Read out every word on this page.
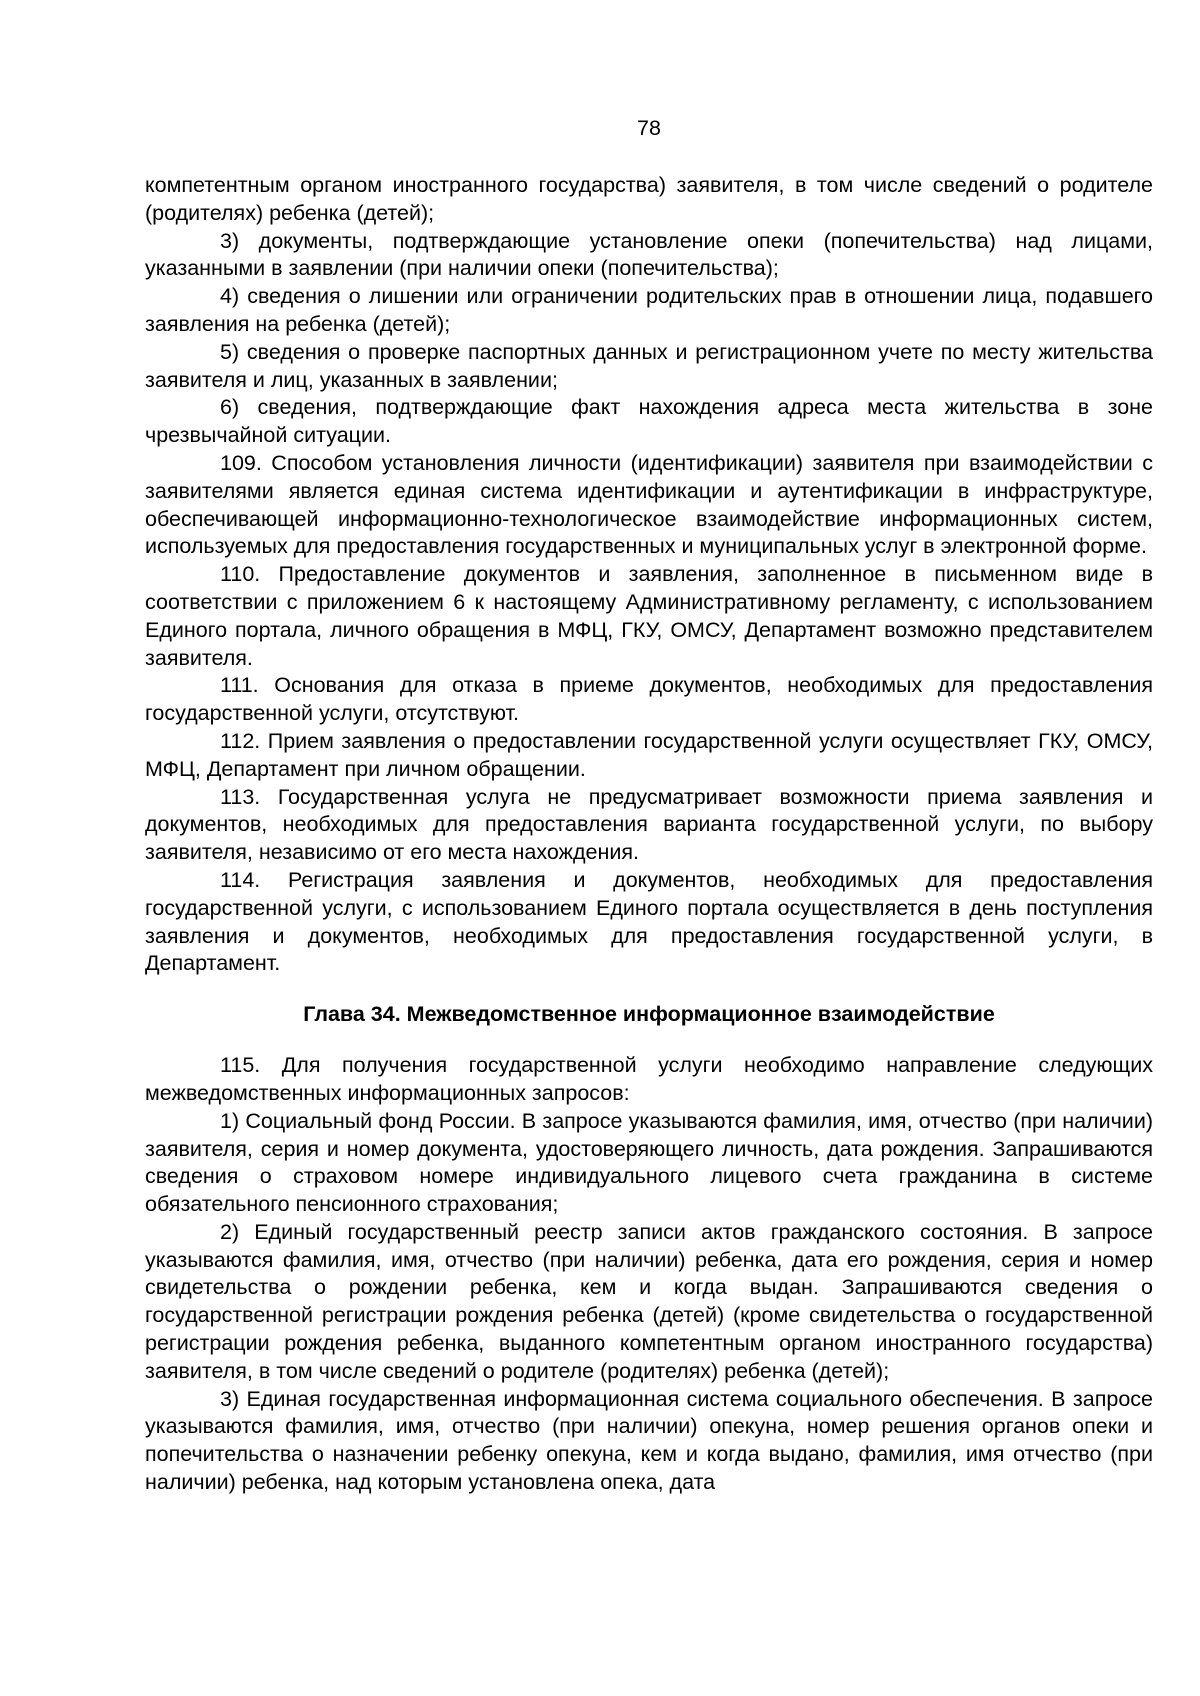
78

компетентным органом иностранного государства) заявителя, в том числе сведений о родителе (родителях) ребенка (детей);

3) документы, подтверждающие установление опеки (попечительства) над лицами, указанными в заявлении (при наличии опеки (попечительства);

4) сведения о лишении или ограничении родительских прав в отношении лица, подавшего заявления на ребенка (детей);

5) сведения о проверке паспортных данных и регистрационном учете по месту жительства заявителя и лиц, указанных в заявлении;

6) сведения, подтверждающие факт нахождения адреса места жительства в зоне чрезвычайной ситуации.

109. Способом установления личности (идентификации) заявителя при взаимодействии с заявителями является единая система идентификации и аутентификации в инфраструктуре, обеспечивающей информационно-технологическое взаимодействие информационных систем, используемых для предоставления государственных и муниципальных услуг в электронной форме.

110. Предоставление документов и заявления, заполненное в письменном виде в соответствии с приложением 6 к настоящему Административному регламенту, с использованием Единого портала, личного обращения в МФЦ, ГКУ, ОМСУ, Департамент возможно представителем заявителя.

111. Основания для отказа в приеме документов, необходимых для предоставления государственной услуги, отсутствуют.

112. Прием заявления о предоставлении государственной услуги осуществляет ГКУ, ОМСУ, МФЦ, Департамент при личном обращении.

113. Государственная услуга не предусматривает возможности приема заявления и документов, необходимых для предоставления варианта государственной услуги, по выбору заявителя, независимо от его места нахождения.

114. Регистрация заявления и документов, необходимых для предоставления государственной услуги, с использованием Единого портала осуществляется в день поступления заявления и документов, необходимых для предоставления государственной услуги, в Департамент.

Глава 34. Межведомственное информационное взаимодействие

115. Для получения государственной услуги необходимо направление следующих межведомственных информационных запросов:

1) Социальный фонд России. В запросе указываются фамилия, имя, отчество (при наличии) заявителя, серия и номер документа, удостоверяющего личность, дата рождения. Запрашиваются сведения о страховом номере индивидуального лицевого счета гражданина в системе обязательного пенсионного страхования;

2) Единый государственный реестр записи актов гражданского состояния. В запросе указываются фамилия, имя, отчество (при наличии) ребенка, дата его рождения, серия и номер свидетельства о рождении ребенка, кем и когда выдан. Запрашиваются сведения о государственной регистрации рождения ребенка (детей) (кроме свидетельства о государственной регистрации рождения ребенка, выданного компетентным органом иностранного государства) заявителя, в том числе сведений о родителе (родителях) ребенка (детей);

3) Единая государственная информационная система социального обеспечения. В запросе указываются фамилия, имя, отчество (при наличии) опекуна, номер решения органов опеки и попечительства о назначении ребенку опекуна, кем и когда выдано, фамилия, имя отчество (при наличии) ребенка, над которым установлена опека, дата
